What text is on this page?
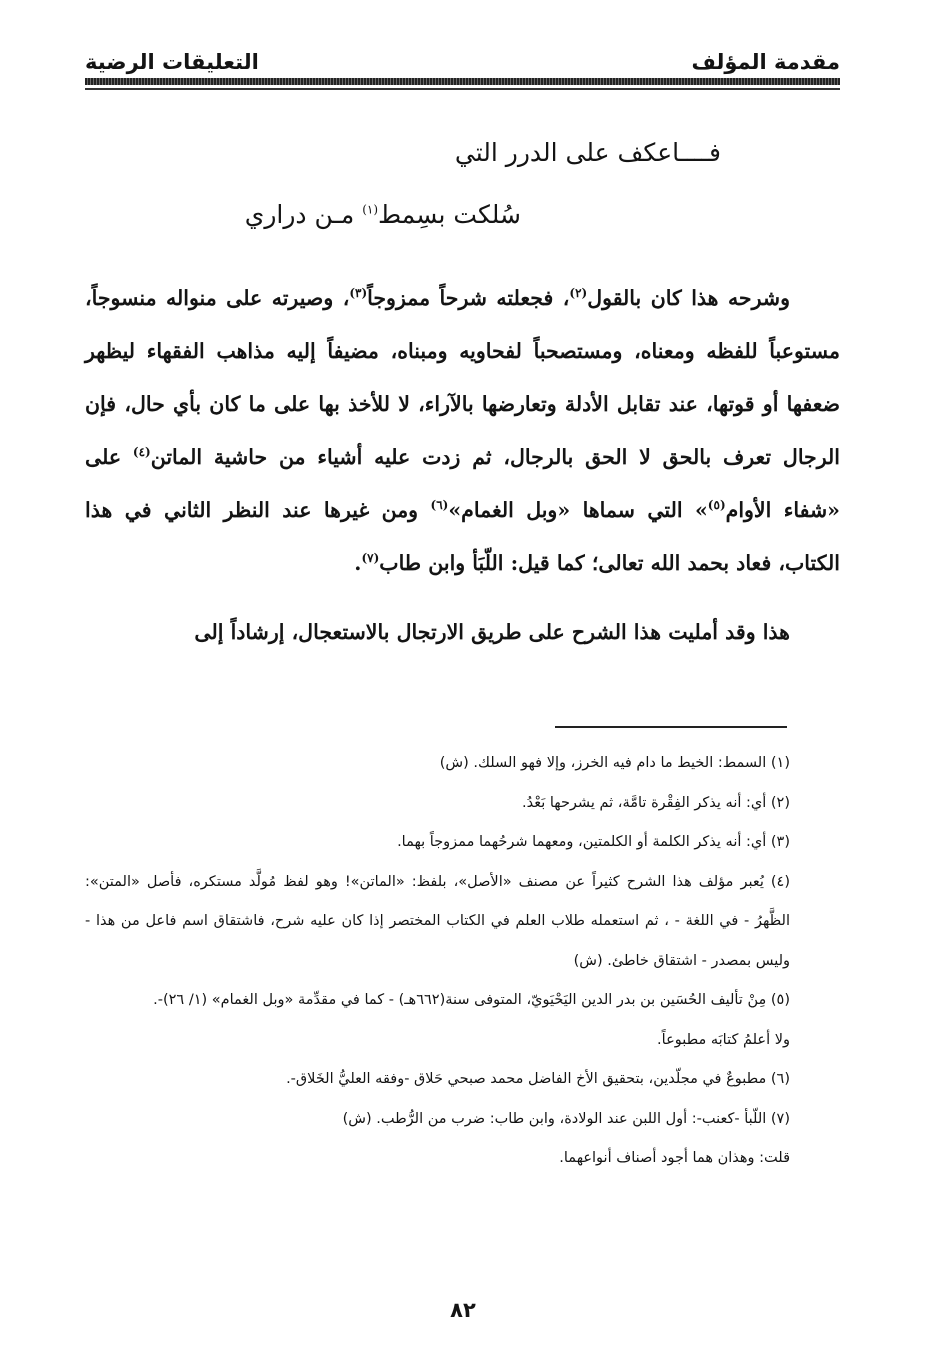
مقدمة المؤلف
التعليقات الرضية
فــــاعكف على الدرر التي
سُلكت بسِمط$^{(١)}$ مـن دراري

وشرحه هذا كان بالقول$^{(٢)}$، فجعلته شرحاً ممزوجاً$^{(٣)}$، وصيرته على منواله منسوجاً، مستوعباً للفظه ومعناه، ومستصحباً لفحاويه ومبناه، مضيفاً إليه مذاهب الفقهاء ليظهر ضعفها أو قوتها، عند تقابل الأدلة وتعارضها بالآراء، لا للأخذ بها على ما كان بأي حال، فإن الرجال تعرف بالحق لا الحق بالرجال، ثم زدت عليه أشياء من حاشية الماتن$^{(٤)}$ على «شفاء الأوام$^{(٥)}$» التي سماها «وبل الغمام»$^{(٦)}$ ومن غيرها عند النظر الثاني في هذا الكتاب، فعاد بحمد الله تعالى؛ كما قيل: اللّبَأ وابن طاب$^{(٧)}$.

هذا وقد أمليت هذا الشرح على طريق الارتجال بالاستعجال، إرشاداً إلى

(١) السمط: الخيط ما دام فيه الخرز، وإلا فهو السلك. (ش)

(٢) أي: أنه يذكر الفِقْرة تامَّة، ثم يشرحها بَعْدُ.

(٣) أي: أنه يذكر الكلمة أو الكلمتين، ومعهما شرحُهما ممزوجاً بهما.

(٤) يُعبر مؤلف هذا الشرح كثيراً عن مصنف «الأصل»، بلفظ: «الماتن»! وهو لفظ مُولَّد مستكره، فأصل «المتن»: الظَّهرُ - في اللغة - ، ثم استعمله طلاب العلم في الكتاب المختصر إذا كان عليه شرح، فاشتقاق اسم فاعل من هذا - وليس بمصدر - اشتقاق خاطئ. (ش)

(٥) مِنْ تأليف الحُسَين بن بدر الدين اليَحْيَويّ، المتوفى سنة(٦٦٢هـ) - كما في مقدِّمة «وبل الغمام» (١/ ٢٦)-.

ولا أعلمُ كتابَه مطبوعاً.

(٦) مطبوعٌ في مجلّدين، بتحقيق الأخ الفاضل محمد صبحي حَلاق -وفقه العليُّ الخَلاق-.

(٧) اللّبأ -كعنب-: أول اللبن عند الولادة، وابن طاب: ضرب من الرُّطب. (ش)

قلت: وهذان هما أجود أصناف أنواعهما.

٨٢
